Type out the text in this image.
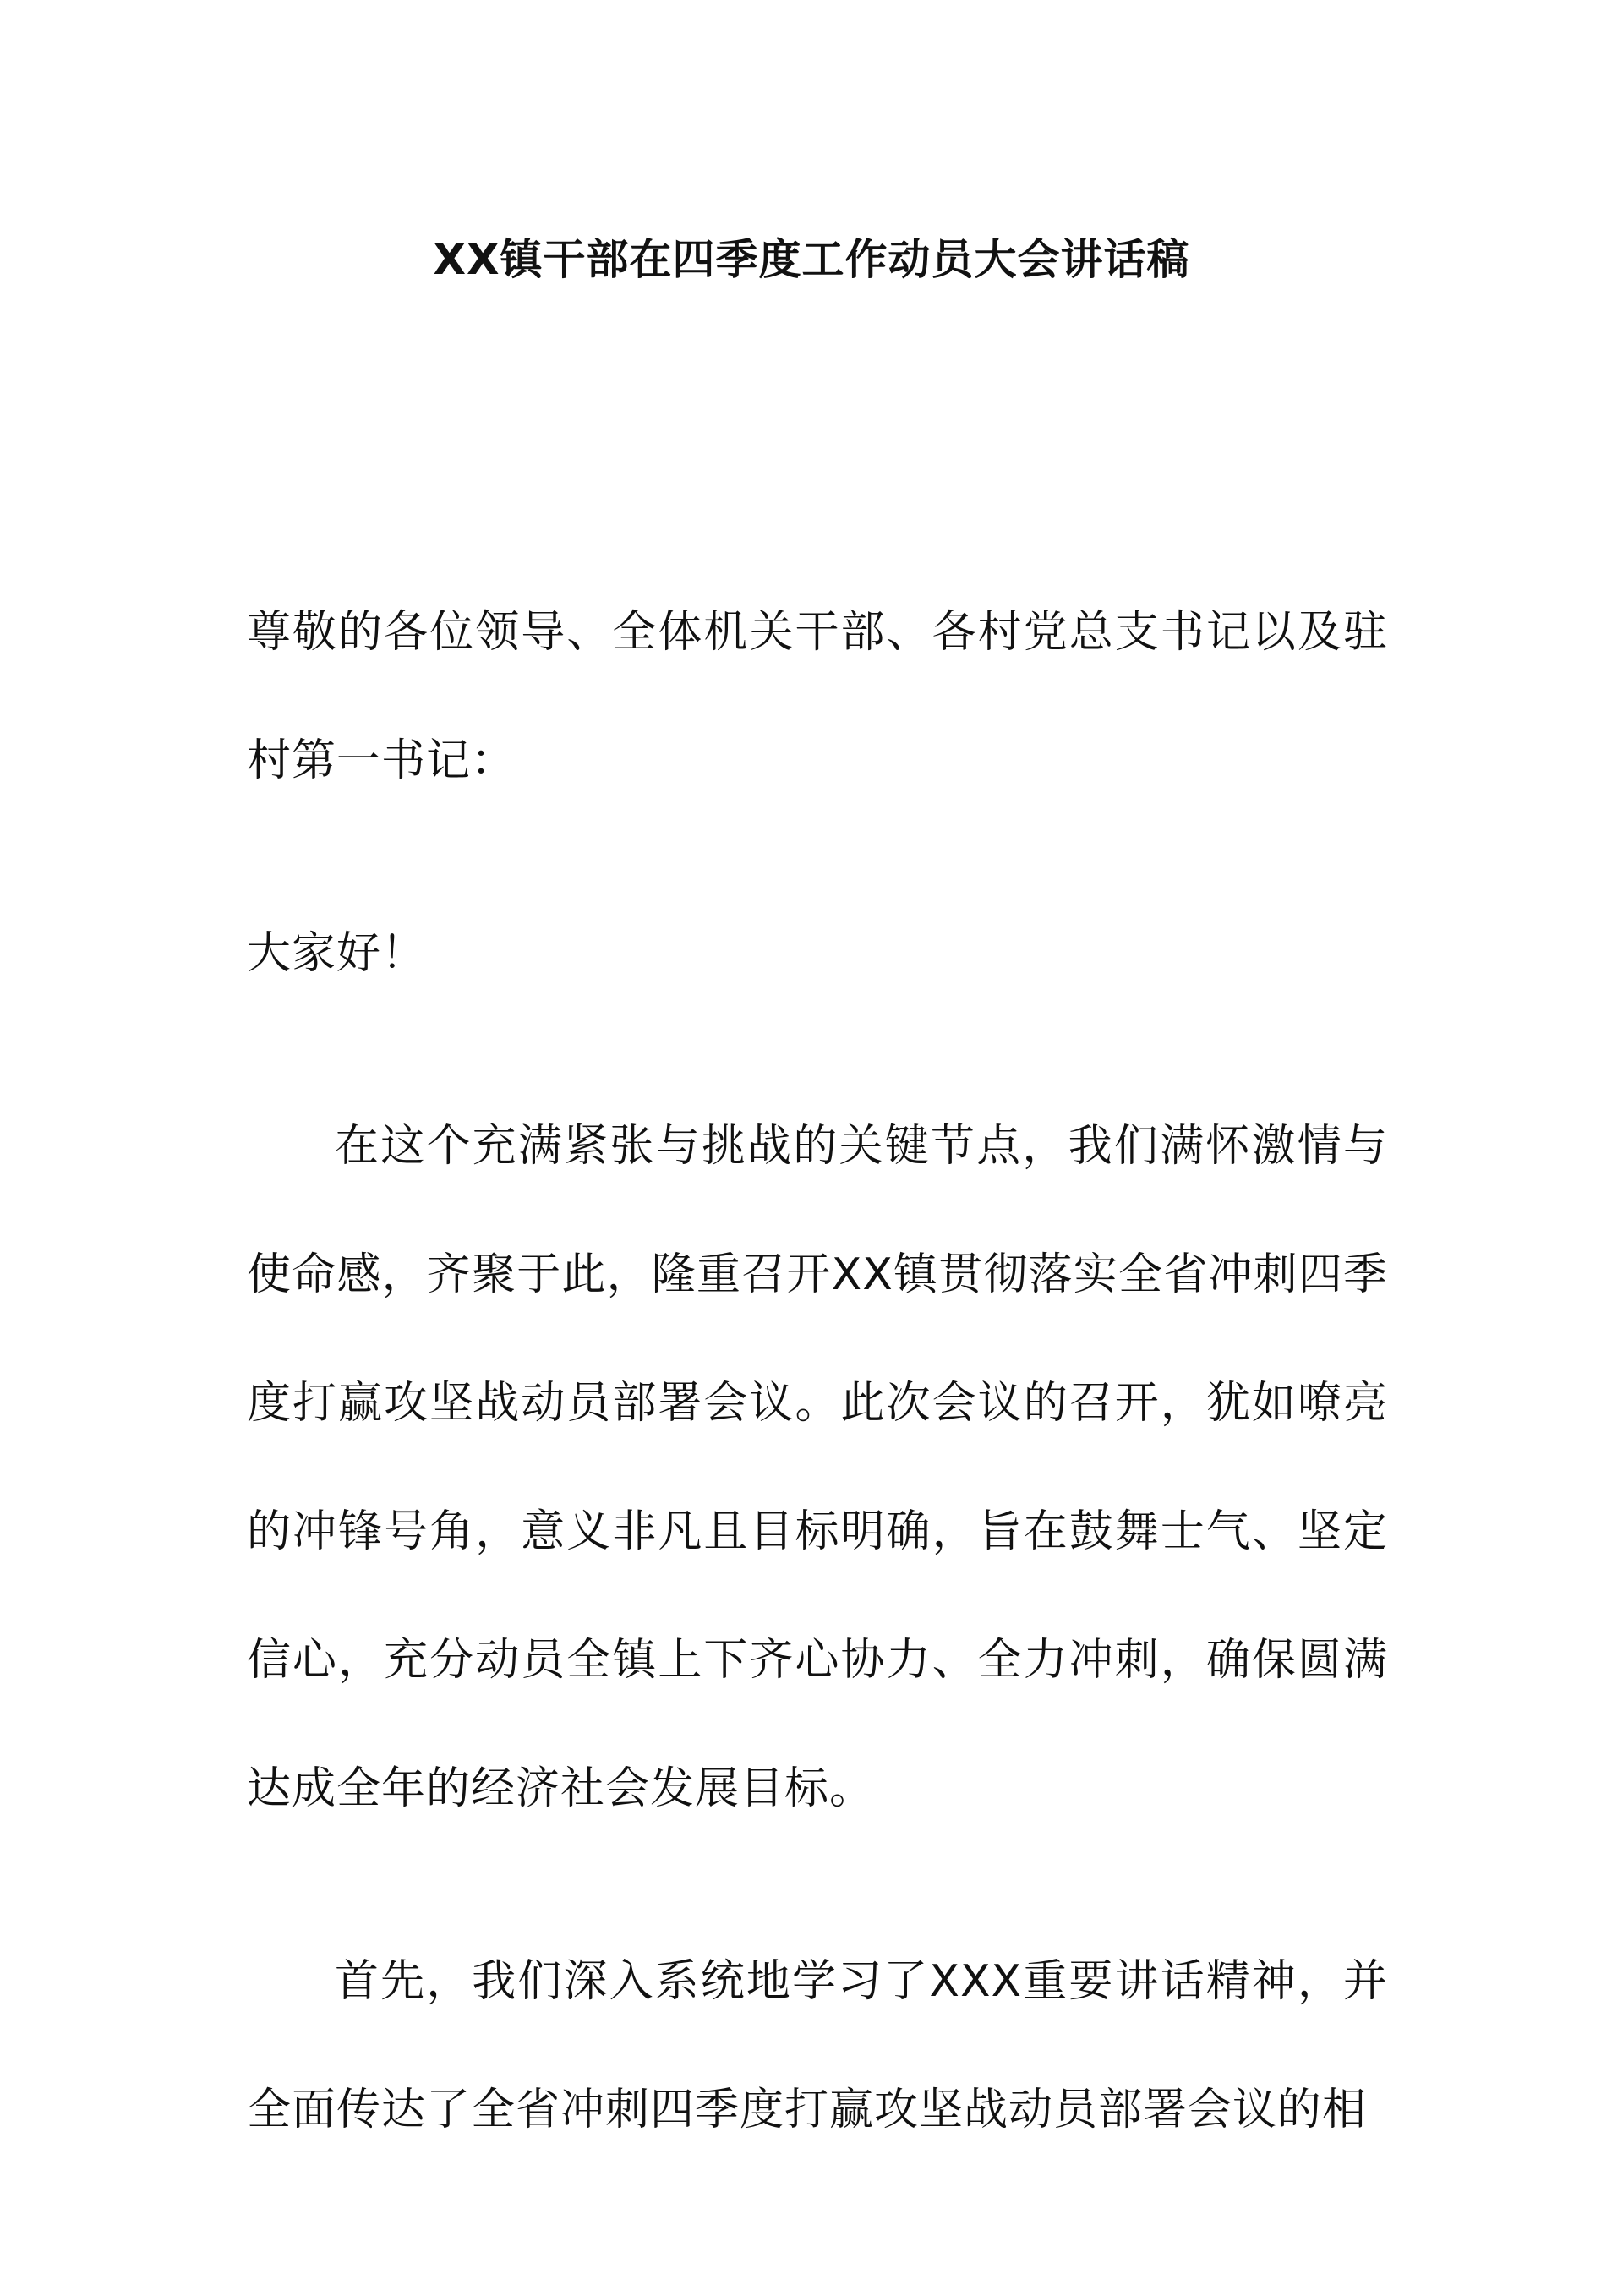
XX镇干部在四季度工作动员大会讲话稿

尊敬的各位领导、全体机关干部、各村党总支书记以及驻村第一书记：

大家好！

在这个充满紧张与挑战的关键节点，我们满怀激情与使命感，齐聚于此，隆重召开XX镇贯彻落实全省冲刺四季度打赢攻坚战动员部署会议。此次会议的召开，犹如嘹亮的冲锋号角，意义非凡且目标明确，旨在鼓舞士气、坚定信心，充分动员全镇上下齐心协力、全力冲刺，确保圆满达成全年的经济社会发展目标。

首先，我们深入系统地学习了XXX重要讲话精神，并全面传达了全省冲刺四季度打赢攻坚战动员部署会议的相
